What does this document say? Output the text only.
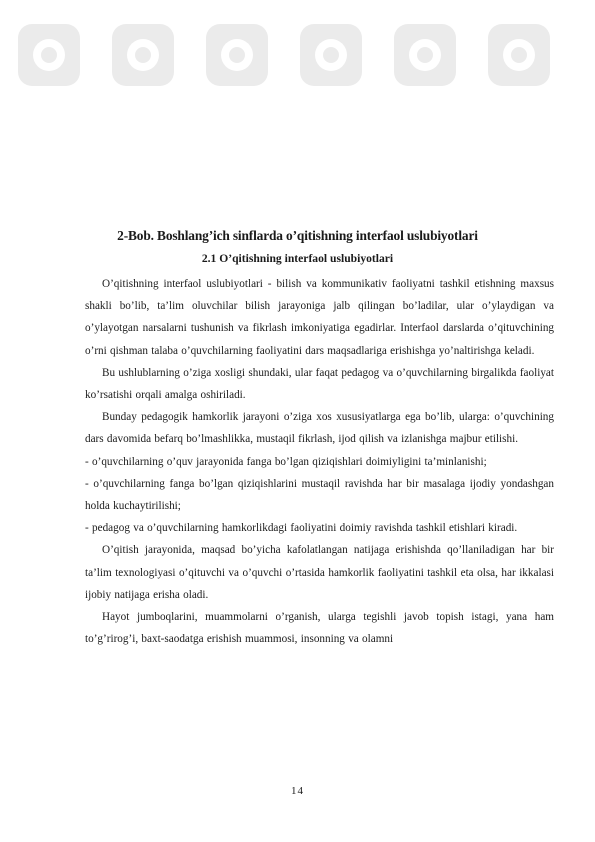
2-Bob. Boshlang’ich sinflarda o’qitishning interfaol uslubiyotlari
2.1 O’qitishning interfaol uslubiyotlari

O’qitishning interfaol uslubiyotlari - bilish va kommunikativ faoliyatni tashkil etishning maxsus shakli bo’lib, ta’lim oluvchilar bilish jarayoniga jalb qilingan bo’ladilar, ular o’ylaydigan va o’ylayotgan narsalarni tushunish va fikrlash imkoniyatiga egadirlar. Interfaol darslarda o’qituvchining o’rni qishman talaba o’quvchilarning faoliyatini dars maqsadlariga erishishga yo’naltirishga keladi.

Bu ushlublarning o’ziga xosligi shundaki, ular faqat pedagog va o’quvchilarning birgalikda faoliyat ko’rsatishi orqali amalga oshiriladi.

Bunday pedagogik hamkorlik jarayoni o’ziga xos xususiyatlarga ega bo’lib, ularga: o’quvchining dars davomida befarq bo’lmashlikka, mustaqil fikrlash, ijod qilish va izlanishga majbur etilishi.

- o’quvchilarning o’quv jarayonida fanga bo’lgan qiziqishlari doimiyligini ta’minlanishi;

- o’quvchilarning fanga bo’lgan qiziqishlarini mustaqil ravishda har bir masalaga ijodiy yondashgan holda kuchaytirilishi;

- pedagog va o’quvchilarning hamkorlikdagi faoliyatini doimiy ravishda tashkil etishlari kiradi.

O’qitish jarayonida, maqsad bo’yicha kafolatlangan natijaga erishishda qo’llaniladigan har bir ta’lim texnologiyasi o’qituvchi va o’quvchi o’rtasida hamkorlik faoliyatini tashkil eta olsa, har ikkalasi ijobiy natijaga erisha oladi.

Hayot jumboqlarini, muammolarni o’rganish, ularga tegishli javob topish istagi, yana ham to’g’rirog’i, baxt-saodatga erishish muammosi, insonning va olamni

14
